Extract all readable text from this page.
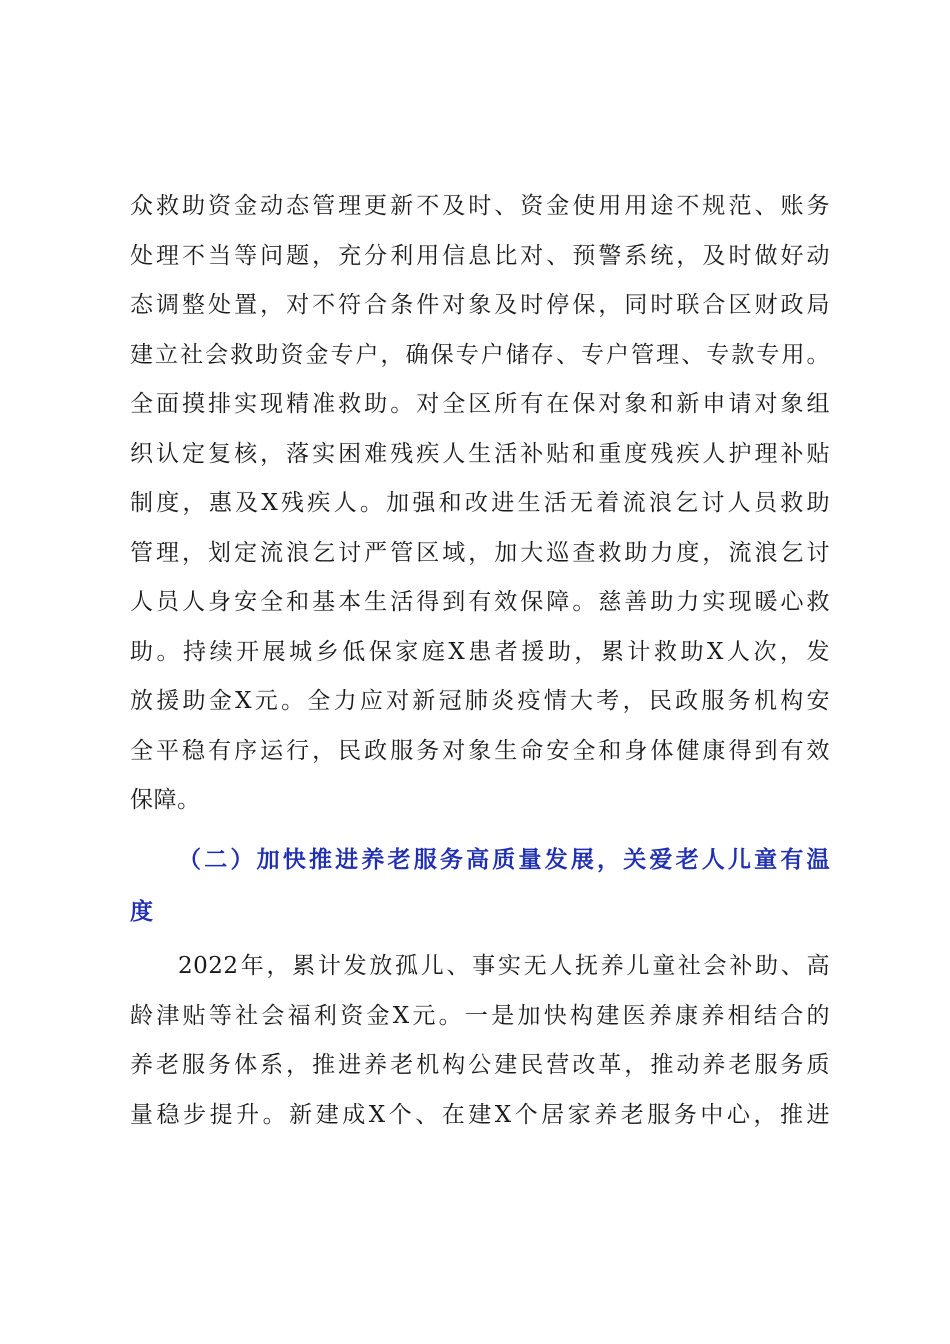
众救助资金动态管理更新不及时、资金使用用途不规范、账务
处理不当等问题，充分利用信息比对、预警系统，及时做好动
态调整处置，对不符合条件对象及时停保，同时联合区财政局
建立社会救助资金专户，确保专户储存、专户管理、专款专用。
全面摸排实现精准救助。对全区所有在保对象和新申请对象组
织认定复核，落实困难残疾人生活补贴和重度残疾人护理补贴
制度，惠及X残疾人。加强和改进生活无着流浪乞讨人员救助
管理，划定流浪乞讨严管区域，加大巡查救助力度，流浪乞讨
人员人身安全和基本生活得到有效保障。慈善助力实现暖心救
助。持续开展城乡低保家庭X患者援助，累计救助X人次，发
放援助金X元。全力应对新冠肺炎疫情大考，民政服务机构安
全平稳有序运行，民政服务对象生命安全和身体健康得到有效
保障。
（二）加快推进养老服务高质量发展，关爱老人儿童有温
度
2022年，累计发放孤儿、事实无人抚养儿童社会补助、高
龄津贴等社会福利资金X元。一是加快构建医养康养相结合的
养老服务体系，推进养老机构公建民营改革，推动养老服务质
量稳步提升。新建成X个、在建X个居家养老服务中心，推进
